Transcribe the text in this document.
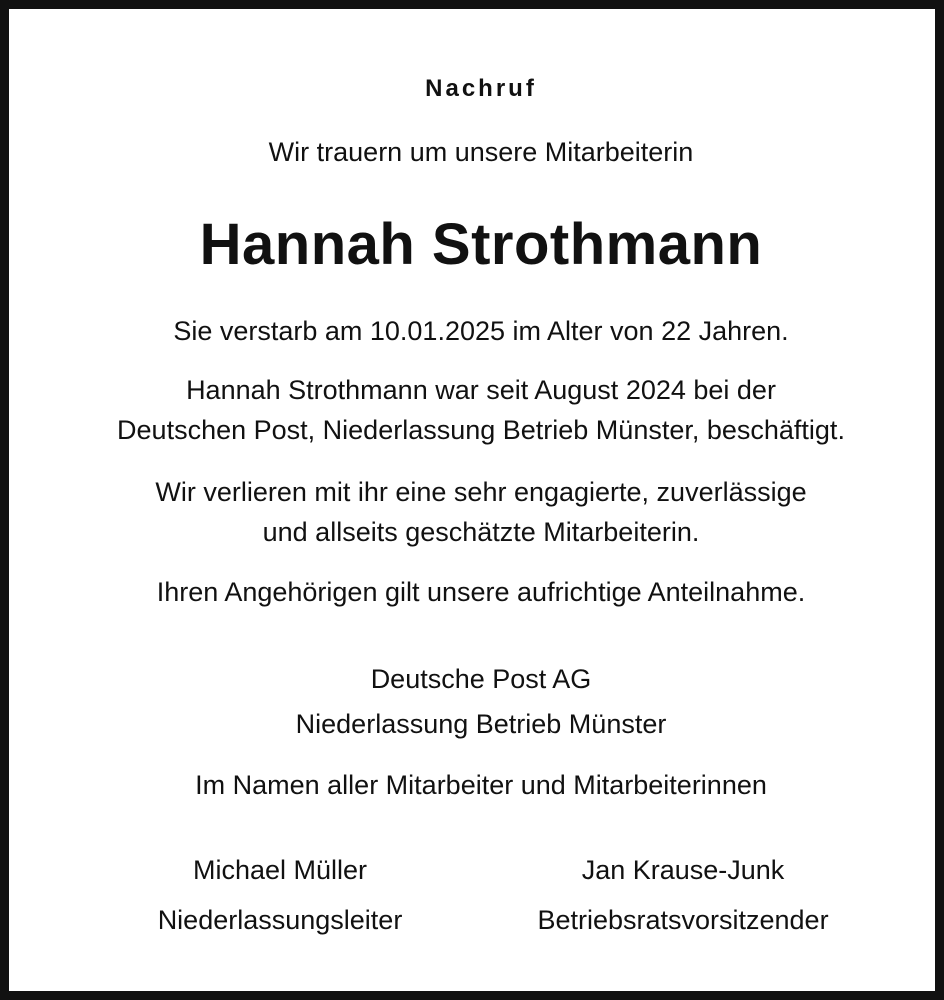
Nachruf
Wir trauern um unsere Mitarbeiterin
Hannah Strothmann
Sie verstarb am 10.01.2025 im Alter von 22 Jahren.
Hannah Strothmann war seit August 2024 bei der
Deutschen Post, Niederlassung Betrieb Münster, beschäftigt.
Wir verlieren mit ihr eine sehr engagierte, zuverlässige
und allseits geschätzte Mitarbeiterin.
Ihren Angehörigen gilt unsere aufrichtige Anteilnahme.
Deutsche Post AG
Niederlassung Betrieb Münster
Im Namen aller Mitarbeiter und Mitarbeiterinnen
Michael Müller
Niederlassungsleiter
Jan Krause-Junk
Betriebsratsvorsitzender
